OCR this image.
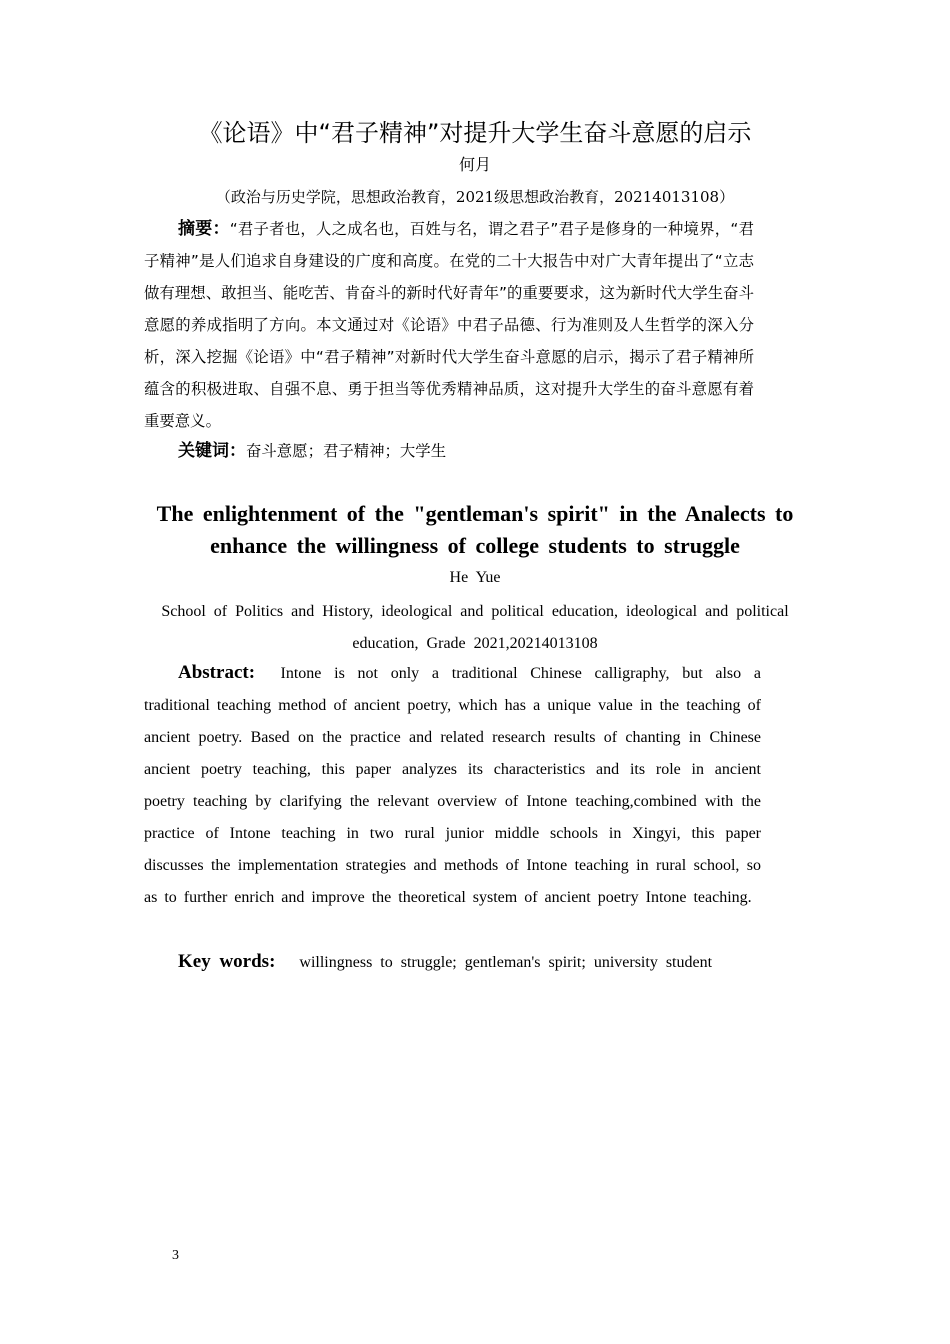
《论语》中“君子精神”对提升大学生奋斗意愿的启示
何月
（政治与历史学院，思想政治教育，2021级思想政治教育，20214013108）

摘要：“君子者也，人之成名也，百姓与名，谓之君子”君子是修身的一种境界，“君子精神”是人们追求自身建设的广度和高度。在党的二十大报告中对广大青年提出了“立志做有理想、敢担当、能吃苦、肯奋斗的新时代好青年”的重要要求，这为新时代大学生奋斗意愿的养成指明了方向。本文通过对《论语》中君子品德、行为准则及人生哲学的深入分析，深入挖掘《论语》中“君子精神”对新时代大学生奋斗意愿的启示，揭示了君子精神所蕴含的积极进取、自强不息、勇于担当等优秀精神品质，这对提升大学生的奋斗意愿有着重要意义。

关键词：奋斗意愿；君子精神；大学生

The enlightenment of the "gentleman's spirit" in the Analects to enhance the willingness of college students to struggle

He Yue

School of Politics and History, ideological and political education, ideological and political education, Grade 2021,20214013108

Abstract: Intone is not only a traditional Chinese calligraphy, but also a traditional teaching method of ancient poetry, which has a unique value in the teaching of ancient poetry. Based on the practice and related research results of chanting in Chinese ancient poetry teaching, this paper analyzes its characteristics and its role in ancient poetry teaching by clarifying the relevant overview of Intone teaching,combined with the practice of Intone teaching in two rural junior middle schools in Xingyi, this paper discusses the implementation strategies and methods of Intone teaching in rural school, so as to further enrich and improve the theoretical system of ancient poetry Intone teaching.

Key words: willingness to struggle; gentleman's spirit; university student

3
